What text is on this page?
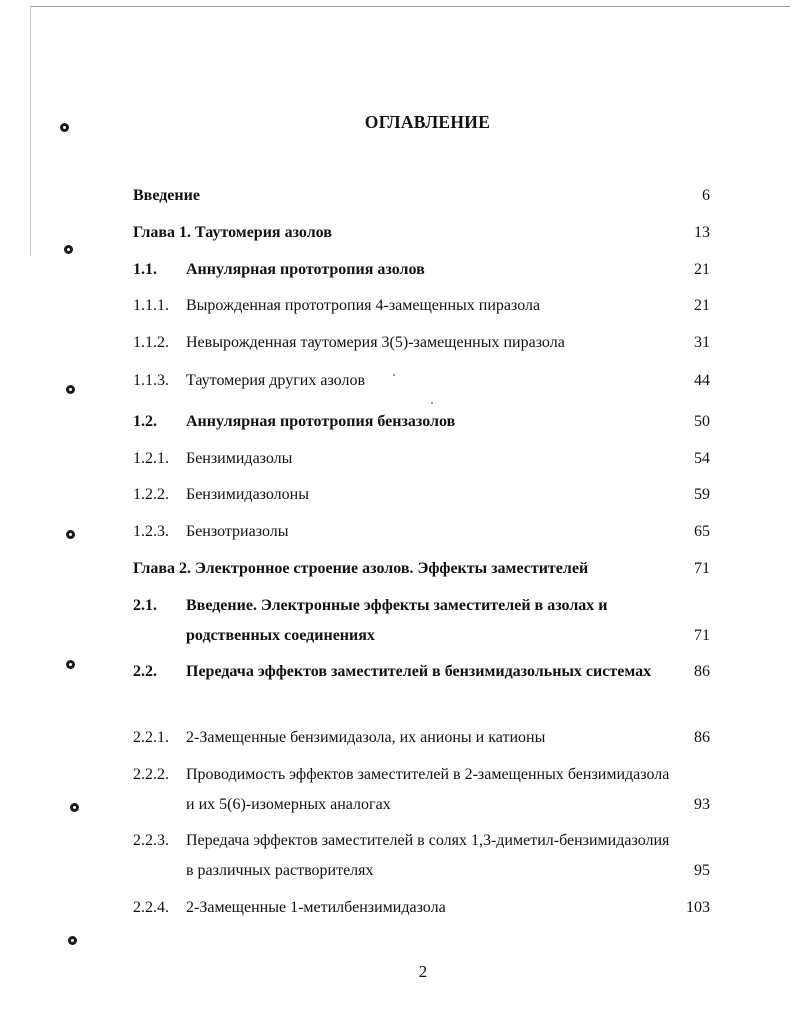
ОГЛАВЛЕНИЕ
Введение	6
Глава 1. Таутомерия азолов	13
1.1. Аннулярная прототропия азолов	21
1.1.1. Вырожденная прототропия 4-замещенных пиразола	21
1.1.2. Невырожденная таутомерия 3(5)-замещенных пиразола	31
1.1.3. Таутомерия других азолов	44
1.2. Аннулярная прототропия бензазолов	50
1.2.1. Бензимидазолы	54
1.2.2. Бензимидазолоны	59
1.2.3. Бензотриазолы	65
Глава 2. Электронное строение азолов. Эффекты заместителей	71
2.1. Введение. Электронные эффекты заместителей в азолах и родственных соединениях	71
2.2. Передача эффектов заместителей в бензимидазольных системах	86
2.2.1. 2-Замещенные бензимидазола, их анионы и катионы	86
2.2.2. Проводимость эффектов заместителей в 2-замещенных бензимидазола и их 5(6)-изомерных аналогах	93
2.2.3. Передача эффектов заместителей в солях 1,3-диметил-бензимидазолия в различных растворителях	95
2.2.4. 2-Замещенные 1-метилбензимидазола	103
2
